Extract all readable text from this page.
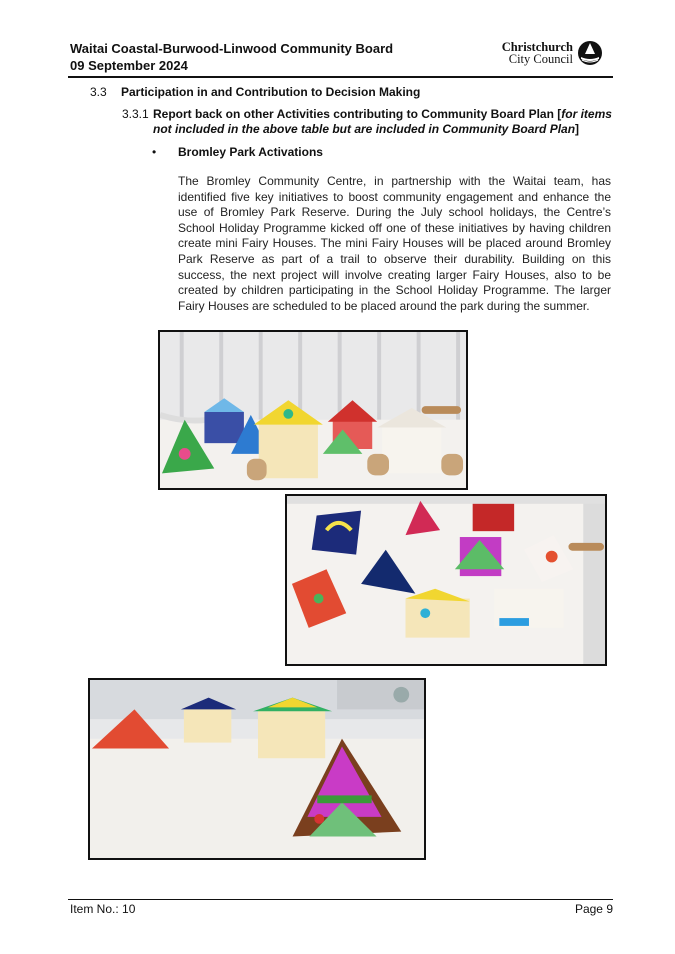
Waitai Coastal-Burwood-Linwood Community Board
09 September 2024
Christchurch
City Council
3.3 Participation in and Contribution to Decision Making
3.3.1 Report back on other Activities contributing to Community Board Plan [for items
not included in the above table but are included in Community Board Plan]
• Bromley Park Activations
The Bromley Community Centre, in partnership with the Waitai team, has identified five key initiatives to boost community engagement and enhance the use of Bromley Park Reserve. During the July school holidays, the Centre’s School Holiday Programme kicked off one of these initiatives by having children create mini Fairy Houses. The mini Fairy Houses will be placed around Bromley Park Reserve as part of a trail to observe their durability. Building on this success, the next project will involve creating larger Fairy Houses, also to be created by children participating in the School Holiday Programme. The larger Fairy Houses are scheduled to be placed around the park during the summer.
Item No.: 10	Page 9
